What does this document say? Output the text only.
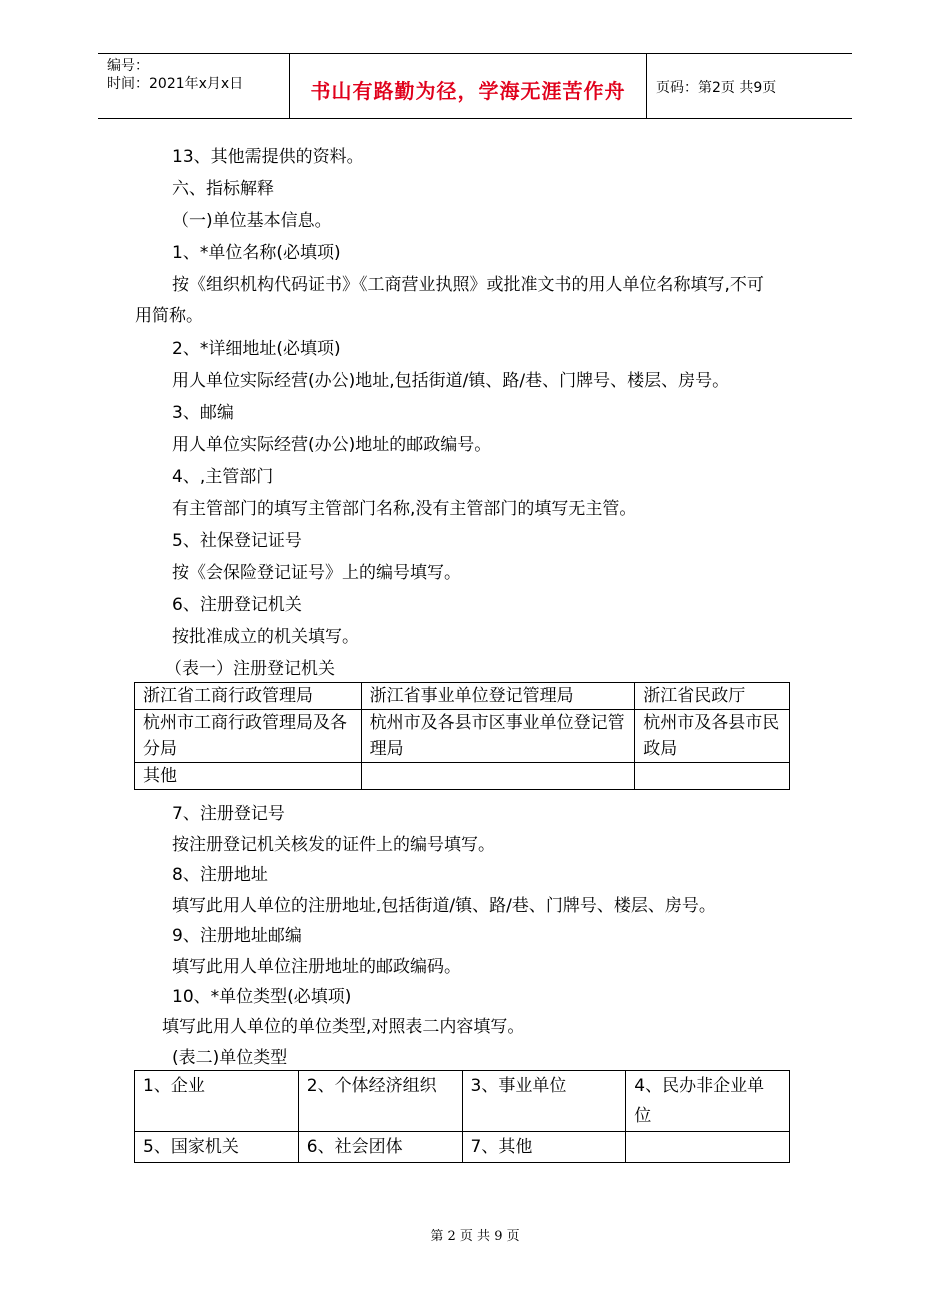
编号：
时间：2021年x月x日	书山有路勤为径，学海无涯苦作舟	页码：第2页 共9页
13、其他需提供的资料。
六、指标解释
（一)单位基本信息。
1、*单位名称(必填项)
按《组织机构代码证书》《工商营业执照》或批准文书的用人单位名称填写,不可
用简称。
2、*详细地址(必填项)
用人单位实际经营(办公)地址,包括街道/镇、路/巷、门牌号、楼层、房号。
3、邮编
用人单位实际经营(办公)地址的邮政编号。
4、,主管部门
有主管部门的填写主管部门名称,没有主管部门的填写无主管。
5、社保登记证号
按《会保险登记证号》上的编号填写。
6、注册登记机关
按批准成立的机关填写。
（表一）注册登记机关
浙江省工商行政管理局	浙江省事业单位登记管理局	浙江省民政厅
杭州市工商行政管理局及各分局	杭州市及各县市区事业单位登记管理局	杭州市及各县市民政局
其他		
7、注册登记号
按注册登记机关核发的证件上的编号填写。
8、注册地址
填写此用人单位的注册地址,包括街道/镇、路/巷、门牌号、楼层、房号。
9、注册地址邮编
填写此用人单位注册地址的邮政编码。
10、*单位类型(必填项)
填写此用人单位的单位类型,对照表二内容填写。
(表二)单位类型
1、企业	2、个体经济组织	3、事业单位	4、民办非企业单位
5、国家机关	6、社会团体	7、其他	
第 2 页 共 9 页
